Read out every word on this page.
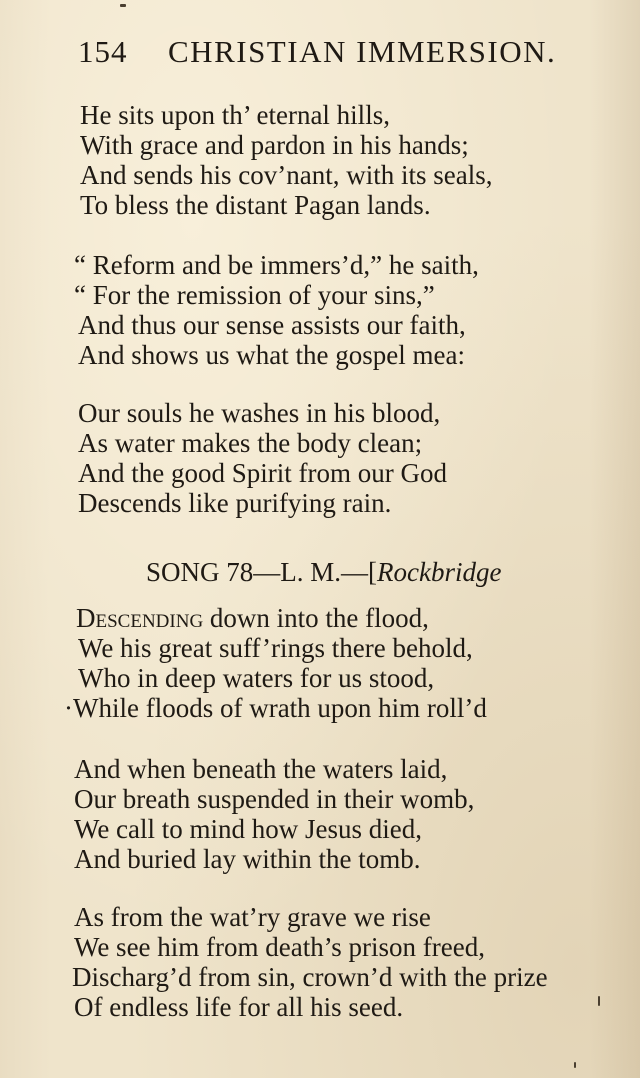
154 CHRISTIAN IMMERSION.
He sits upon th’ eternal hills,
With grace and pardon in his hands;
And sends his cov’nant, with its seals,
To bless the distant Pagan lands.
“ Reform and be immers’d,” he saith,
“ For the remission of your sins,”
And thus our sense assists our faith,
And shows us what the gospel mea:
Our souls he washes in his blood,
As water makes the body clean;
And the good Spirit from our God
Descends like purifying rain.
SONG 78—L. M.—[Rockbridge
Descending down into the flood,
We his great suff’rings there behold,
Who in deep waters for us stood,
·While floods of wrath upon him roll’d
And when beneath the waters laid,
Our breath suspended in their womb,
We call to mind how Jesus died,
And buried lay within the tomb.
As from the wat’ry grave we rise
We see him from death’s prison freed,
Discharg’d from sin, crown’d with the prize
Of endless life for all his seed.
